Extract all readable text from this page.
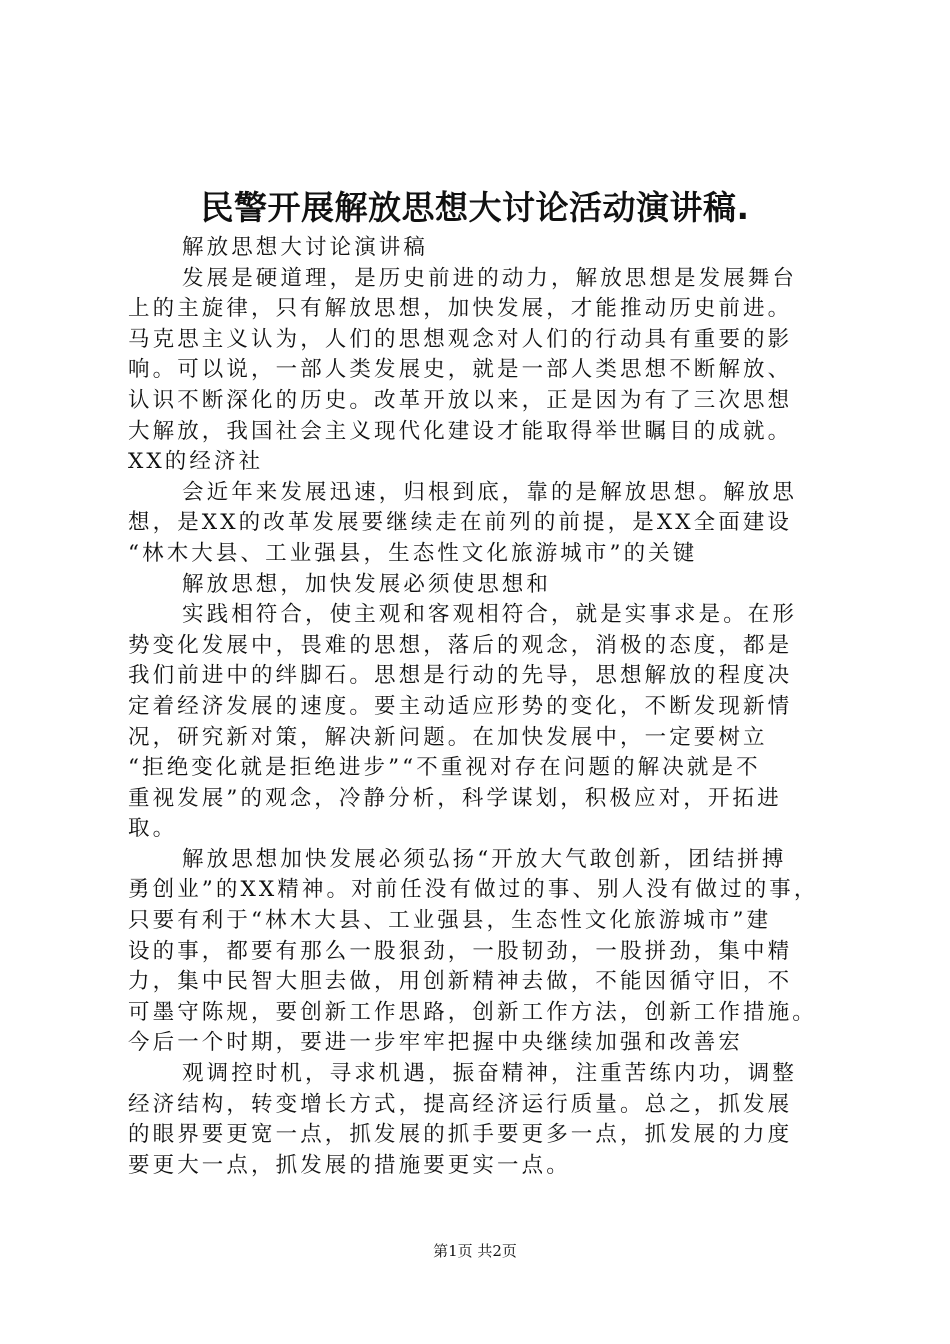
民警开展解放思想大讨论活动演讲稿.
解放思想大讨论演讲稿
发展是硬道理，是历史前进的动力，解放思想是发展舞台
上的主旋律，只有解放思想，加快发展，才能推动历史前进。
马克思主义认为，人们的思想观念对人们的行动具有重要的影
响。可以说，一部人类发展史，就是一部人类思想不断解放、
认识不断深化的历史。改革开放以来，正是因为有了三次思想
大解放，我国社会主义现代化建设才能取得举世瞩目的成就。
XX的经济社
会近年来发展迅速，归根到底，靠的是解放思想。解放思
想，是XX的改革发展要继续走在前列的前提，是XX全面建设
“林木大县、工业强县，生态性文化旅游城市”的关键
解放思想，加快发展必须使思想和
实践相符合，使主观和客观相符合，就是实事求是。在形
势变化发展中，畏难的思想，落后的观念，消极的态度，都是
我们前进中的绊脚石。思想是行动的先导，思想解放的程度决
定着经济发展的速度。要主动适应形势的变化，不断发现新情
况，研究新对策，解决新问题。在加快发展中，一定要树立
“拒绝变化就是拒绝进步”“不重视对存在问题的解决就是不
重视发展”的观念，冷静分析，科学谋划，积极应对，开拓进
取。
解放思想加快发展必须弘扬“开放大气敢创新，团结拼搏
勇创业”的XX精神。对前任没有做过的事、别人没有做过的事，
只要有利于“林木大县、工业强县，生态性文化旅游城市”建
设的事，都要有那么一股狠劲，一股韧劲，一股拼劲，集中精
力，集中民智大胆去做，用创新精神去做，不能因循守旧，不
可墨守陈规，要创新工作思路，创新工作方法，创新工作措施。
今后一个时期，要进一步牢牢把握中央继续加强和改善宏
观调控时机，寻求机遇，振奋精神，注重苦练内功，调整
经济结构，转变增长方式，提高经济运行质量。总之，抓发展
的眼界要更宽一点，抓发展的抓手要更多一点，抓发展的力度
要更大一点，抓发展的措施要更实一点。
第1页 共2页
